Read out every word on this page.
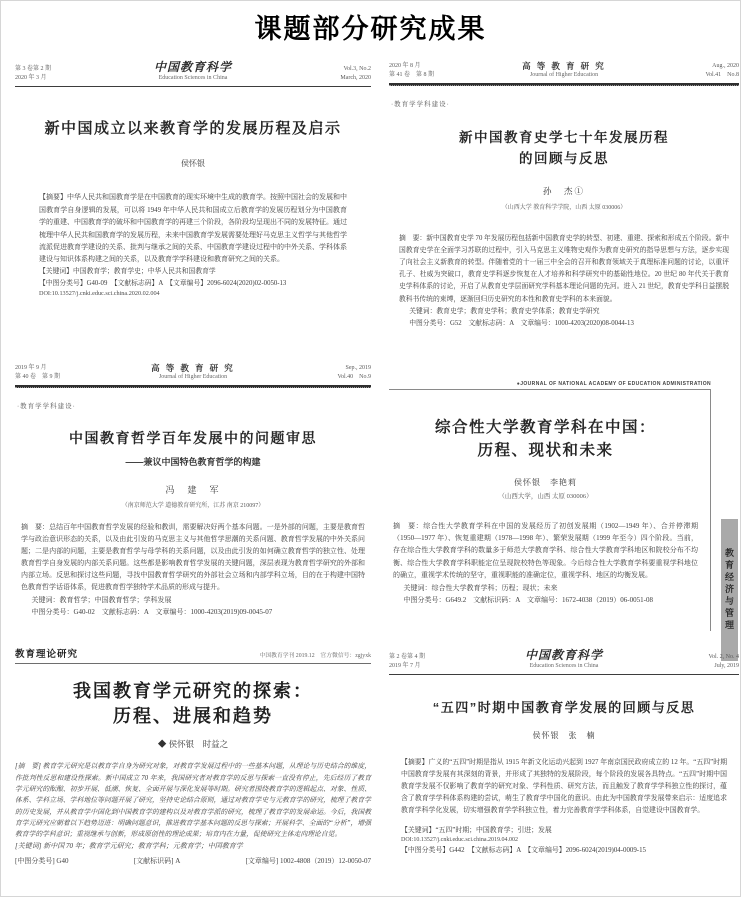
课题部分研究成果
第 3 卷第 2 期
2020 年 3 月
中国教育科学
Education Sciences in China
Vol.3, No.2
March, 2020
新中国成立以来教育学的发展历程及启示
侯怀银
【摘要】中华人民共和国教育学是在中国教育的现实环境中生成的教育学。按照中国社会的发展和中国教育学自身逻辑的发展，可以将 1949 年中华人民共和国成立后教育学的发展历程划分为中国教育学的重建、中国教育学的破坏和中国教育学的再建三个阶段，各阶段均呈现出不同的发展特征。通过梳理中华人民共和国教育学的发展历程，未来中国教育学发展需要处理好马克思主义哲学与其他哲学流派促进教育学建设的关系、批判与继承之间的关系、中国教育学建设过程中的中外关系、学科体系建设与知识体系构建之间的关系，以及教育学学科建设和教育研究之间的关系。
【关键词】中国教育学；教育学史；中华人民共和国教育学
【中图分类号】G40-09　 【文献标志码】A　 【文章编号】2096-6024(2020)02-0050-13
DOI:10.13527/j.cnki.educ.sci.china.2020.02.004
2019 年 9 月
第 40 卷　第 9 期
高 等 教 育 研 究
Journal of Higher Education
Sep., 2019
Vol.40　No.9
·教育学学科建设·
中国教育哲学百年发展中的问题审思
——兼议中国特色教育哲学的构建
冯　建　军
（南京师范大学 道德教育研究所，江苏 南京 210097）
摘　要：总结百年中国教育哲学发展的经验和教训，需要解决好两个基本问题。一是外部的问题，主要是教育哲学与政治意识形态的关系，以及由此引发的马克思主义与其他哲学思潮的关系问题、教育哲学发展的中外关系问题；二是内部的问题，主要是教育哲学与母学科的关系问题，以及由此引发的如何确立教育哲学的独立性、处理教育哲学自身发展的内部关系问题。这些都是影响教育哲学发展的关键问题，深层表现为教育哲学研究的外部和内部立场。反思和探讨这些问题，寻找中国教育哲学研究的外部社会立场和内部学科立场，目的在于构建中国特色教育哲学话语体系，促进教育哲学独特学术品质的形成与提升。
关键词：教育哲学；中国教育哲学；学科发展
中图分类号：G40-02　文献标志码：A　文章编号：1000-4203(2019)09-0045-07
教育理论研究	中国教育学刊 2019.12　官方微信号：zgjyxk
我国教育学元研究的探索：
历程、进展和趋势
◆ 侯怀银　时益之
[摘　要] 教育学元研究是以教育学自身为研究对象，对教育学发展过程中的一些基本问题，从理论与历史结合的维度，作批判性反思和建设性探索。新中国成立 70 年来，我国研究者对教育学的反思与探索一直没有停止，先后经历了教育学元研究的酝酿、初步开展、低潮、恢复、全面开展与深化发展等时期。研究者围绕教育学的逻辑起点、对象、性质、体系、学科立场、学科地位等问题开展了研究，坚持史论结合原则，通过对教育学史与元教育学的研究，梳理了教育学的历史发展，并从教育学中国化到中国教育学的建构以及对教育学派的研究，梳理了教育学的发展命运。今后，我国教育学元研究应朝着以下趋势迈进：明确问题意识，推进教育学基本问题的反思与探索；开展科学、全面的“分析”，增强教育学的学科意识；重视继承与创新，形成原创性的理论成果；培育内在力量，促使研究主体走向理论自觉。
[关键词] 新中国 70 年；教育学元研究；教育学科；元教育学；中国教育学
[中图分类号] G40	[文献标识码] A	[文章编号] 1002-4808（2019）12-0050-07
2020 年 8 月
第 41 卷　第 8 期
高 等 教 育 研 究
Journal of Higher Education
Aug., 2020
Vol.41　No.8
·教育学学科建设·
新中国教育史学七十年发展历程
的回顾与反思
孙　杰①
（山西大学 教育科学学院，山西 太原 030006）
摘　要：新中国教育史学 70 年发展历程包括新中国教育史学的转型、初建、重建、探索和形成五个阶段。新中国教育史学在全面学习苏联的过程中，引入马克思主义唯物史观作为教育史研究的指导思想与方法，逐步实现了向社会主义新教育的转型。伴随着党的十一届三中全会的召开和教育领域关于真理标准问题的讨论，以重评孔子、杜威为突破口，教育史学科逐步恢复在人才培养和科学研究中的基础性地位。20 世纪 80 年代关于教育史学科体系的讨论，开启了从教育史学层面研究学科基本理论问题的先河。进入 21 世纪，教育史学科日益摆脱教科书传统的束缚，逐渐回归历史研究的本性和教育史学科的本来面貌。
关键词：教育史学；教育史学科；教育史学体系；教育史学研究
中图分类号：G52　文献标志码：A　文章编号：1000-4203(2020)08-0044-13
●JOURNAL OF NATIONAL ACADEMY OF EDUCATION ADMINISTRATION
综合性大学教育学科在中国：
历程、现状和未来
侯怀银　李艳莉
（山西大学，山西 太原 030006）
摘　要：综合性大学教育学科在中国的发展经历了初创发展期（1902—1949 年）、合并停滞期（1950—1977 年）、恢复重建期（1978—1998 年）、繁荣发展期（1999 年至今）四个阶段。当前，存在综合性大学教育学科的数量多于师范大学教育学科、综合性大学教育学科地区和院校分布不均衡、综合性大学教育学科职能定位呈现院校特色等现象。今后综合性大学教育学科要重视学科地位的确立，重视学术传统的坚守，重视职能的准确定位，重视学科、地区的均衡发展。
关键词：综合性大学教育学科；历程；现状；未来
中图分类号：G649.2　文献标识码：A　文章编号：1672-4038（2019）06-0051-08	教育经济与管理
第 2 卷第 4 期
2019 年 7 月
中国教育科学
Education Sciences in China
Vol. 2, No. 4
July, 2019
“五四”时期中国教育学发展的回顾与反思
侯怀银　张　楠
【摘要】广义的“五四”时期是指从 1915 年新文化运动兴起到 1927 年南京国民政府成立的 12 年。“五四”时期中国教育学发展有其深刻的背景，并形成了其独特的发展阶段，每个阶段的发展各具特点。“五四”时期中国教育学发展不仅影响了教育学的研究对象、学科性质、研究方法，而且触发了教育学学科独立性的探讨，蕴含了教育学学科体系构建的尝试，萌生了教育学中国化的意识。由此为中国教育学发展带来启示：适度追求教育学科学化发展，切实增强教育学学科独立性，着力完善教育学学科体系，自觉建设中国教育学。
【关键词】“五四”时期；中国教育学；引进；发展
DOI:10.13527/j.cnki.educ.sci.china.2019.04.002
【中图分类号】G442　 【文献标志码】A　 【文章编号】2096-6024(2019)04-0009-15
